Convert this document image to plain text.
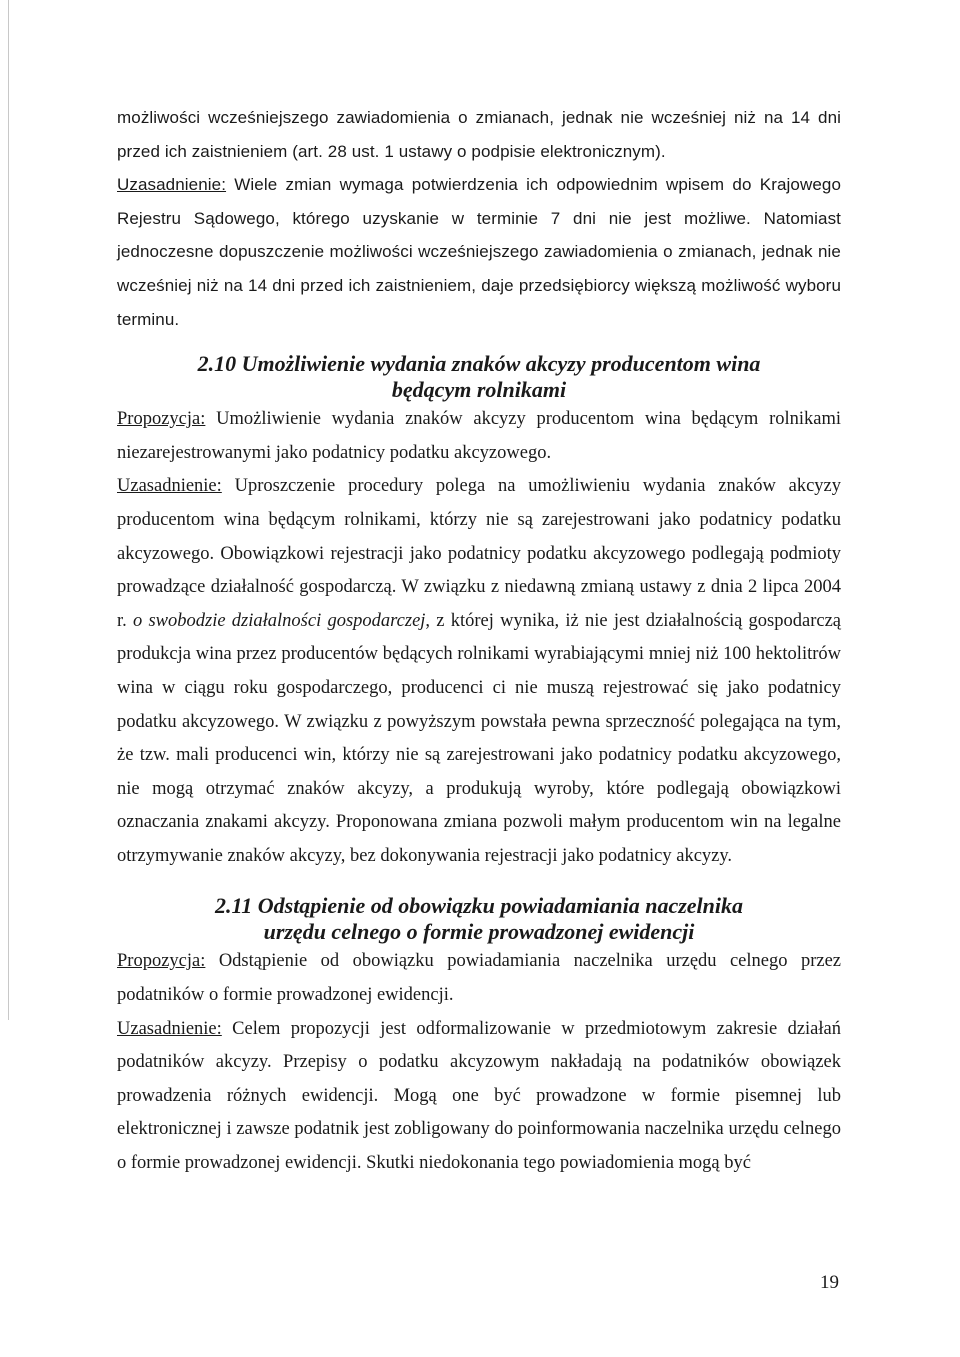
możliwości wcześniejszego zawiadomienia o zmianach, jednak nie wcześniej niż na 14 dni przed ich zaistnieniem (art. 28 ust. 1 ustawy o podpisie elektronicznym).

Uzasadnienie: Wiele zmian wymaga potwierdzenia ich odpowiednim wpisem do Krajowego Rejestru Sądowego, którego uzyskanie w terminie 7 dni nie jest możliwe. Natomiast jednoczesne dopuszczenie możliwości wcześniejszego zawiadomienia o zmianach, jednak nie wcześniej niż na 14 dni przed ich zaistnieniem, daje przedsiębiorcy większą możliwość wyboru terminu.

2.10 Umożliwienie wydania znaków akcyzy producentom wina
będącym rolnikami

Propozycja: Umożliwienie wydania znaków akcyzy producentom wina będącym rolnikami niezarejestrowanymi jako podatnicy podatku akcyzowego.

Uzasadnienie: Uproszczenie procedury polega na umożliwieniu wydania znaków akcyzy producentom wina będącym rolnikami, którzy nie są zarejestrowani jako podatnicy podatku akcyzowego. Obowiązkowi rejestracji jako podatnicy podatku akcyzowego podlegają podmioty prowadzące działalność gospodarczą. W związku z niedawną zmianą ustawy z dnia 2 lipca 2004 r. o swobodzie działalności gospodarczej, z której wynika, iż nie jest działalnością gospodarczą produkcja wina przez producentów będących rolnikami wyrabiającymi mniej niż 100 hektolitrów wina w ciągu roku gospodarczego, producenci ci nie muszą rejestrować się jako podatnicy podatku akcyzowego. W związku z powyższym powstała pewna sprzeczność polegająca na tym, że tzw. mali producenci win, którzy nie są zarejestrowani jako podatnicy podatku akcyzowego, nie mogą otrzymać znaków akcyzy, a produkują wyroby, które podlegają obowiązkowi oznaczania znakami akcyzy. Proponowana zmiana pozwoli małym producentom win na legalne otrzymywanie znaków akcyzy, bez dokonywania rejestracji jako podatnicy akcyzy.

2.11 Odstąpienie od obowiązku powiadamiania naczelnika
urzędu celnego o formie prowadzonej ewidencji

Propozycja: Odstąpienie od obowiązku powiadamiania naczelnika urzędu celnego przez podatników o formie prowadzonej ewidencji.

Uzasadnienie: Celem propozycji jest odformalizowanie w przedmiotowym zakresie działań podatników akcyzy. Przepisy o podatku akcyzowym nakładają na podatników obowiązek prowadzenia różnych ewidencji. Mogą one być prowadzone w formie pisemnej lub elektronicznej i zawsze podatnik jest zobligowany do poinformowania naczelnika urzędu celnego o formie prowadzonej ewidencji. Skutki niedokonania tego powiadomienia mogą być

19
